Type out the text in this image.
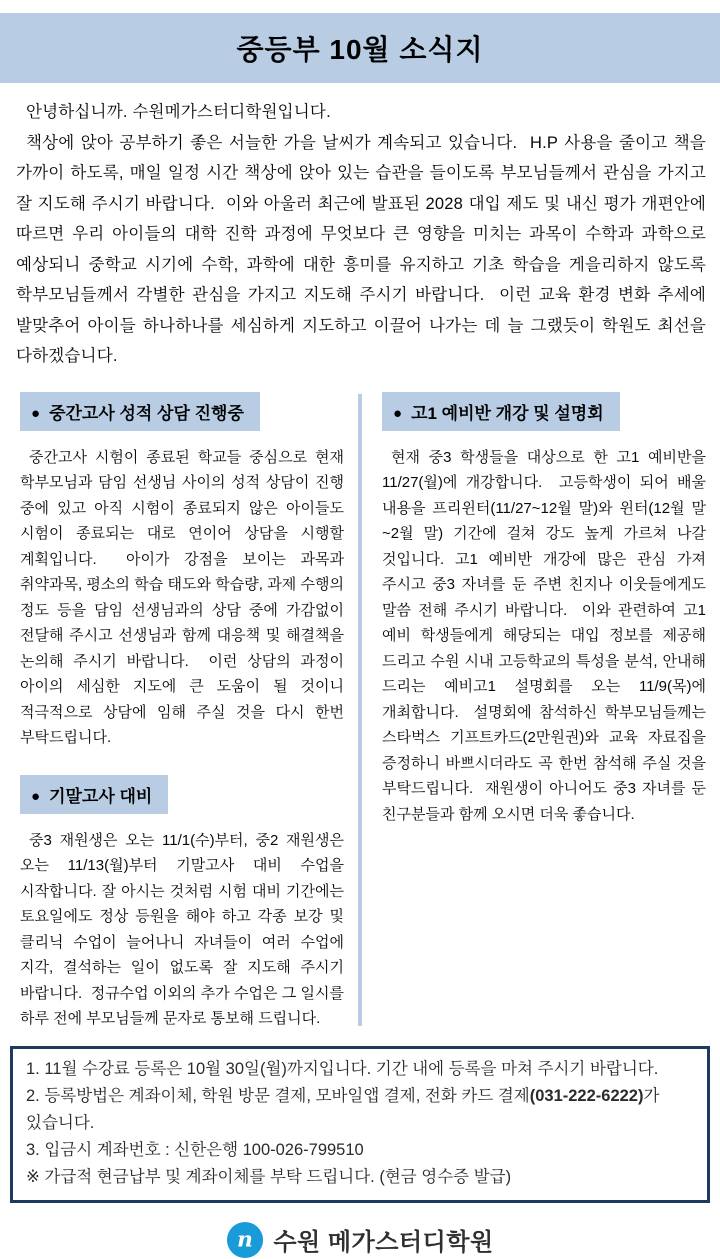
중등부 10월 소식지

안녕하십니까. 수원메가스터디학원입니다.

책상에 앉아 공부하기 좋은 서늘한 가을 날씨가 계속되고 있습니다.  H.P 사용을 줄이고 책을 가까이 하도록, 매일 일정 시간 책상에 앉아 있는 습관을 들이도록 부모님들께서 관심을 가지고 잘 지도해 주시기 바랍니다.  이와 아울러 최근에 발표된 2028 대입 제도 및 내신 평가 개편안에 따르면 우리 아이들의 대학 진학 과정에 무엇보다 큰 영향을 미치는 과목이 수학과 과학으로 예상되니 중학교 시기에 수학, 과학에 대한 흥미를 유지하고 기초 학습을 게을리하지 않도록 학부모님들께서 각별한 관심을 가지고 지도해 주시기 바랍니다.  이런 교육 환경 변화 추세에 발맞추어 아이들 하나하나를 세심하게 지도하고 이끌어 나가는 데 늘 그랬듯이 학원도 최선을 다하겠습니다.

● 중간고사 성적 상담 진행중

중간고사 시험이 종료된 학교들 중심으로 현재 학부모님과 담임 선생님 사이의 성적 상담이 진행 중에 있고 아직 시험이 종료되지 않은 아이들도 시험이 종료되는 대로 연이어 상담을 시행할 계획입니다.  아이가 강점을 보이는 과목과 취약과목, 평소의 학습 태도와 학습량, 과제 수행의 정도 등을 담임 선생님과의 상담 중에 가감없이 전달해 주시고 선생님과 함께 대응책 및 해결책을 논의해 주시기 바랍니다.  이런 상담의 과정이 아이의 세심한 지도에 큰 도움이 될 것이니 적극적으로 상담에 임해 주실 것을 다시 한번 부탁드립니다.

● 기말고사 대비

중3 재원생은 오는 11/1(수)부터, 중2 재원생은 오는 11/13(월)부터 기말고사 대비 수업을 시작합니다. 잘 아시는 것처럼 시험 대비 기간에는 토요일에도 정상 등원을 해야 하고 각종 보강 및 클리닉 수업이 늘어나니 자녀들이 여러 수업에 지각, 결석하는 일이 없도록 잘 지도해 주시기 바랍니다.  정규수업 이외의 추가 수업은 그 일시를 하루 전에 부모님들께 문자로 통보해 드립니다.

● 고1 예비반 개강 및 설명회

현재 중3 학생들을 대상으로 한 고1 예비반을 11/27(월)에 개강합니다.  고등학생이 되어 배울 내용을 프리윈터(11/27~12월 말)와 윈터(12월 말~2월 말) 기간에 걸쳐 강도 높게 가르쳐 나갈 것입니다. 고1 예비반 개강에 많은 관심 가져 주시고 중3 자녀를 둔 주변 친지나 이웃들에게도 말씀 전해 주시기 바랍니다.  이와 관련하여 고1 예비 학생들에게 해당되는 대입 정보를 제공해 드리고 수원 시내 고등학교의 특성을 분석, 안내해 드리는 예비고1 설명회를 오는 11/9(목)에 개최합니다.  설명회에 참석하신 학부모님들께는 스타벅스 기프트카드(2만원권)와 교육 자료집을 증정하니 바쁘시더라도 곡 한번 참석해 주실 것을 부탁드립니다.  재원생이 아니어도 중3 자녀를 둔 친구분들과 함께 오시면 더욱 좋습니다.

1. 11월 수강료 등록은 10월 30일(월)까지입니다. 기간 내에 등록을 마쳐 주시기 바랍니다.

2. 등록방법은 계좌이체, 학원 방문 결제, 모바일앱 결제, 전화 카드 결제(031-222-6222)가 있습니다.

3. 입금시 계좌번호 : 신한은행 100-026-799510

※ 가급적 현금납부 및 계좌이체를 부탁 드립니다. (현금 영수증 발급)

n 수원 메가스터디학원
